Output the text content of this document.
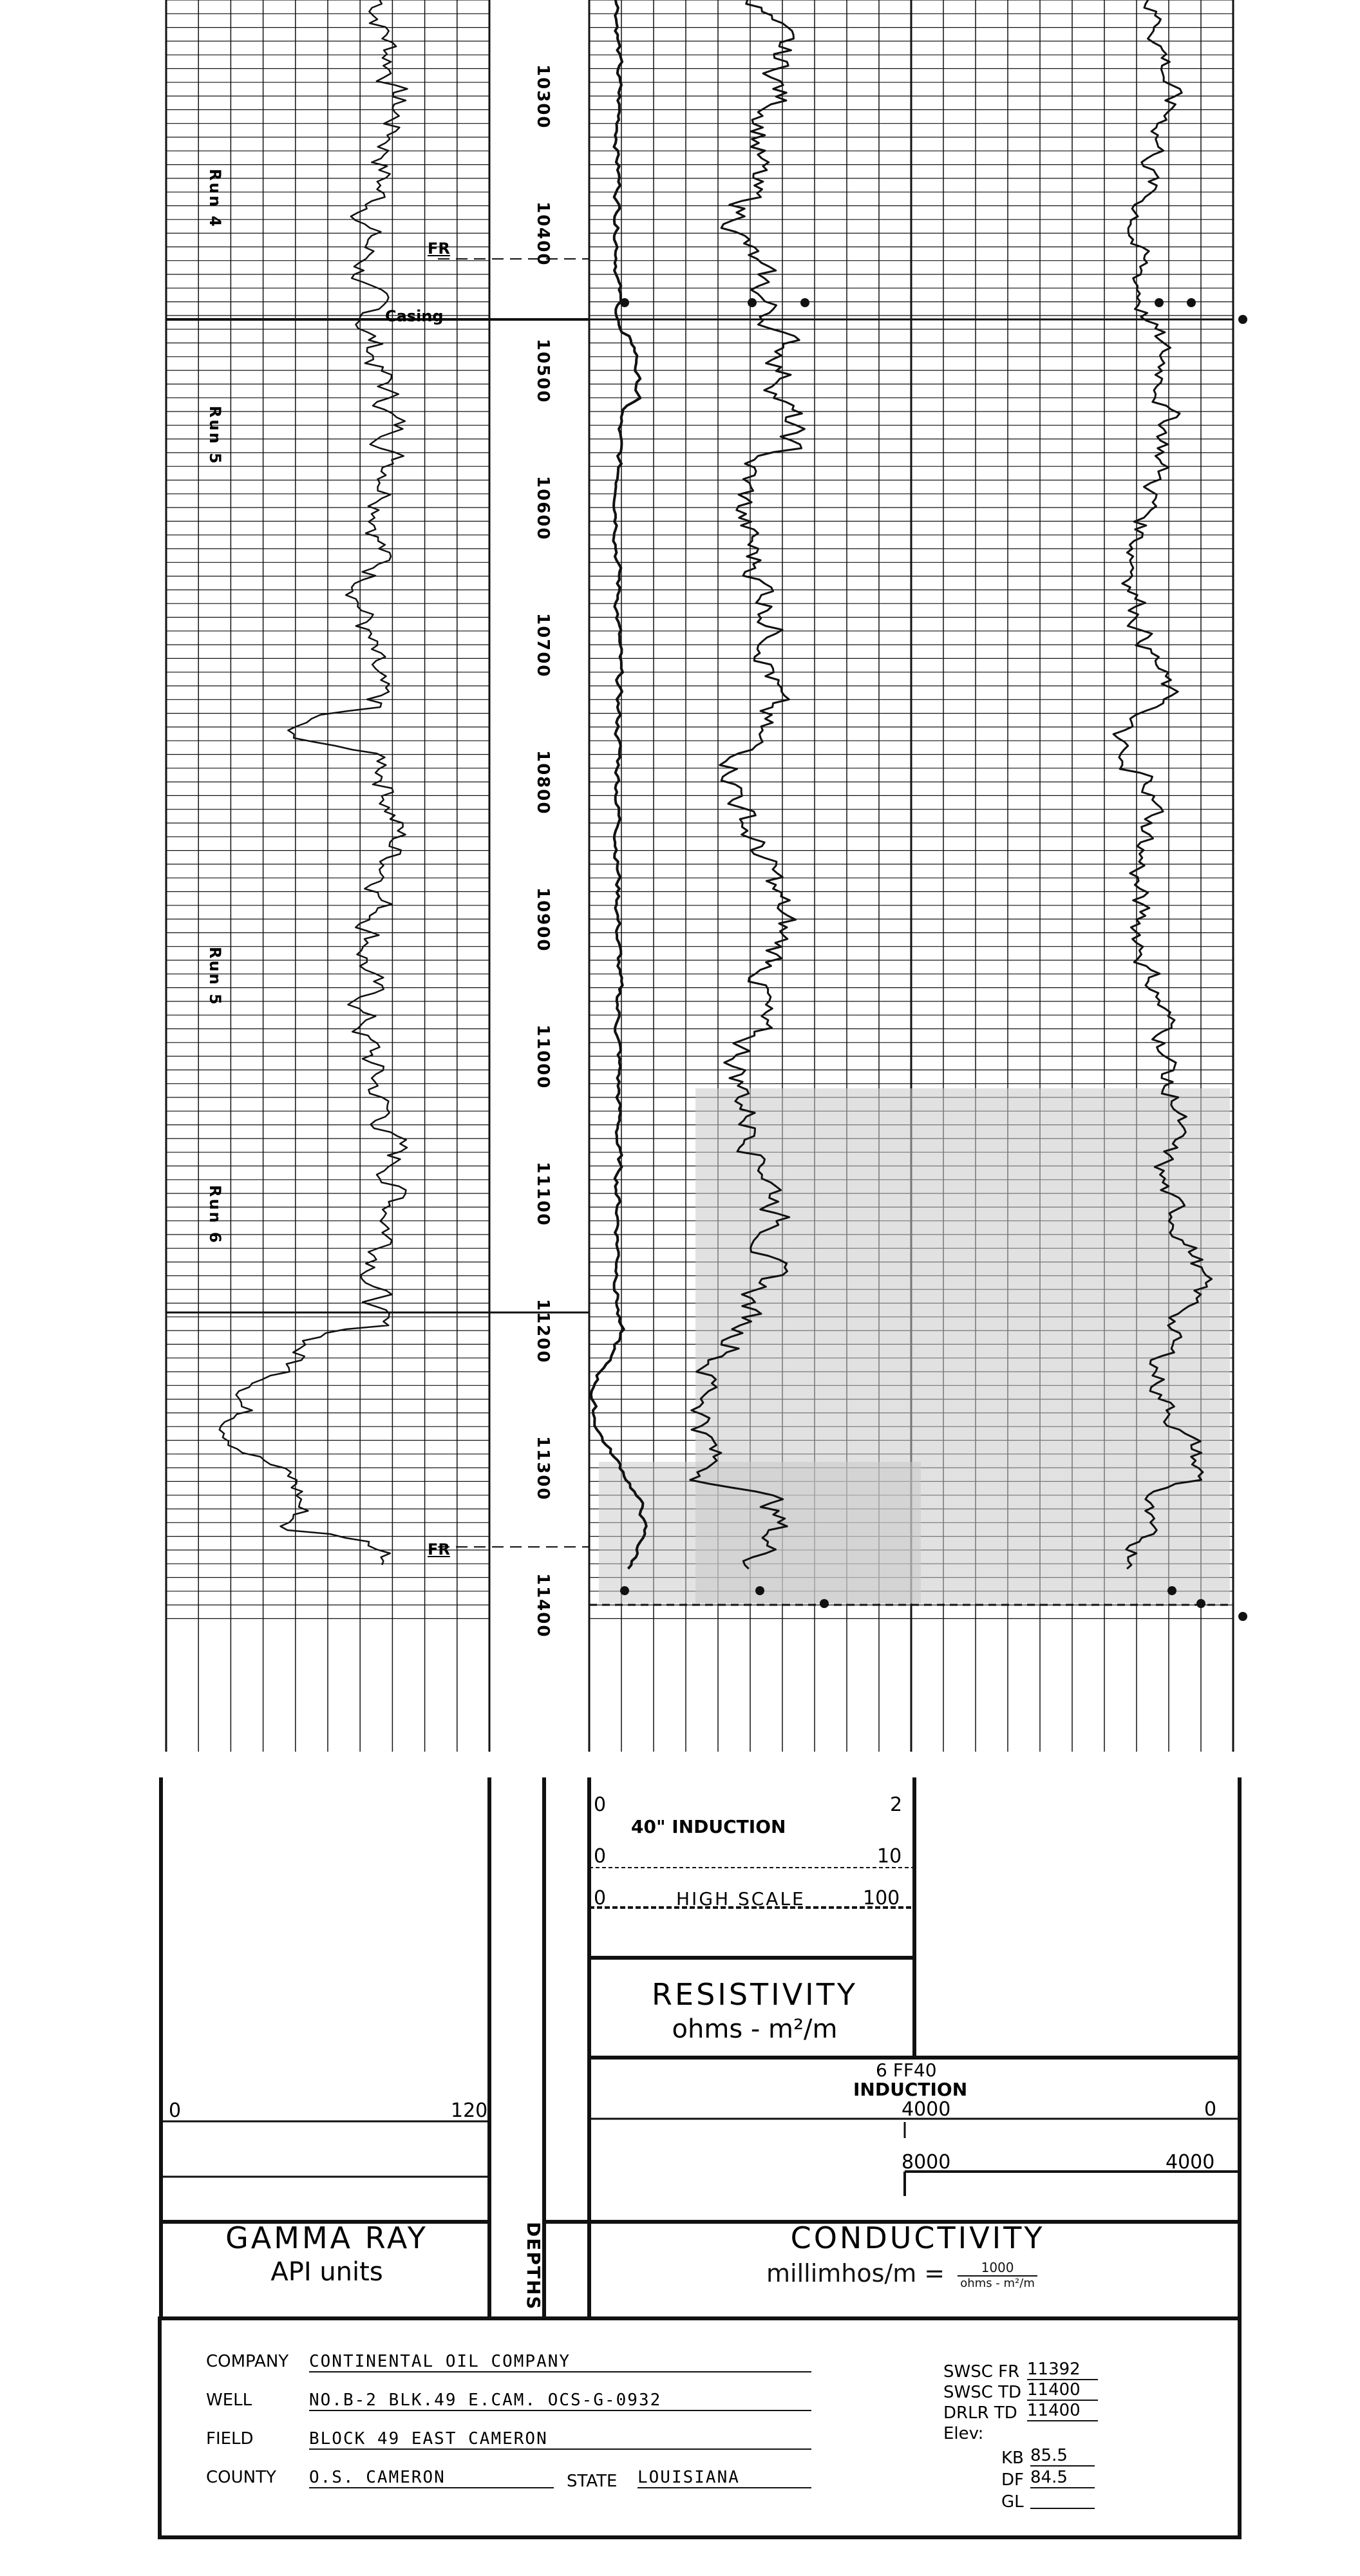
10300
10400
10500
10600
10700
10800
10900
11000
11100
11200
11300
11400
FR
FR
Casing
Run 4
Run 5
Run 5
Run 6
0	2
40" INDUCTION
0	10
0	HIGH SCALE	100
RESISTIVITY
ohms - m²/m
0	120
GAMMA RAY
API units	DEPTHS
6 FF40
INDUCTION
4000	0
8000	4000
CONDUCTIVITY
millimhos/m =	1000
ohms - m²/m
COMPANY CONTINENTAL OIL COMPANY
WELL	NO.B-2 BLK.49 E.CAM. OCS-G-0932
FIELD	BLOCK 49 EAST CAMERON
COUNTY O.S. CAMERON	STATE LOUISIANA
SWSC FR 11392
SWSC TD 11400
DRLR TD 11400
Elev:
KB 85.5
DF 84.5
GL
